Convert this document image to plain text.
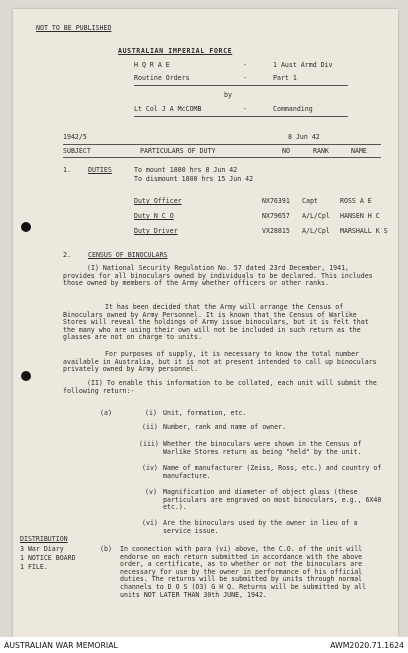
NOT TO BE PUBLISHED
AUSTRALIAN IMPERIAL FORCE
H Q R A E	-	1 Aust Armd Div
Routine Orders	-	Part 1
by
Lt Col J A McCOMB	-	Commanding
1942/5	8 Jun 42
SUBJECT	PARTICULARS OF DUTY	NO	RANK	NAME
1.	DUTIES	To mount 1800 hrs 8 Jun 42
To dismount 1800 hrs 15 Jun 42
Duty Officer	NX76391 Capt	ROSS A E
Duty N C O	NX79657 A/L/Cpl HANSEN H C
Duty Driver	VX28815 A/L/Cpl MARSHALL K S
2.	CENSUS OF BINOCULARS
(I) National Security Regulation No. 57 dated 23rd December, 1941, provides for all binoculars owned by individuals to be declared. This includes those owned by members of the Army whether officers or other ranks.
It has been decided that the Army will arrange the Census of Binoculars owned by Army Personnel. It is known that the Census of Warlike Stores will reveal the holdings of Army issue binoculars, but it is felt that the many who are using their own will not be included in such return as the glasses are not on charge to units.
For purposes of supply, it is necessary to know the total number available in Australia, but it is not at present intended to call up binoculars privately owned by Army personnel.
(II) To enable this information to be collated, each unit will submit the following return:-
(a)	(i) Unit, formation, etc.
(ii) Number, rank and name of owner.
(iii) Whether the binoculars were shown in the Census of Warlike Stores return as being "held" by the unit.
(iv) Name of manufacturer (Zeiss, Ross, etc.) and country of manufacture.
(v) Magnification and diameter of object glass (these particulars are engraved on most binoculars, e.g., 6X40 etc.).
(vi) Are the binoculars used by the owner in lieu of a service issue.
DISTRIBUTION
3 War Diary
1 NOTICE BOARD
1 FILE.
(b) In connection with para (vi) above, the C.O. of the unit will endorse on each return submitted in accordance with the above order, a certificate, as to whether or not the binoculars are necessary for use by the owner in performance of his official duties. The returns will be submitted by units through normal channels to D O S (O3) G H Q. Returns will be submitted by all units NOT LATER THAN 30th JUNE, 1942.
AUSTRALIAN WAR MEMORIAL	AWM2020.71.1624
